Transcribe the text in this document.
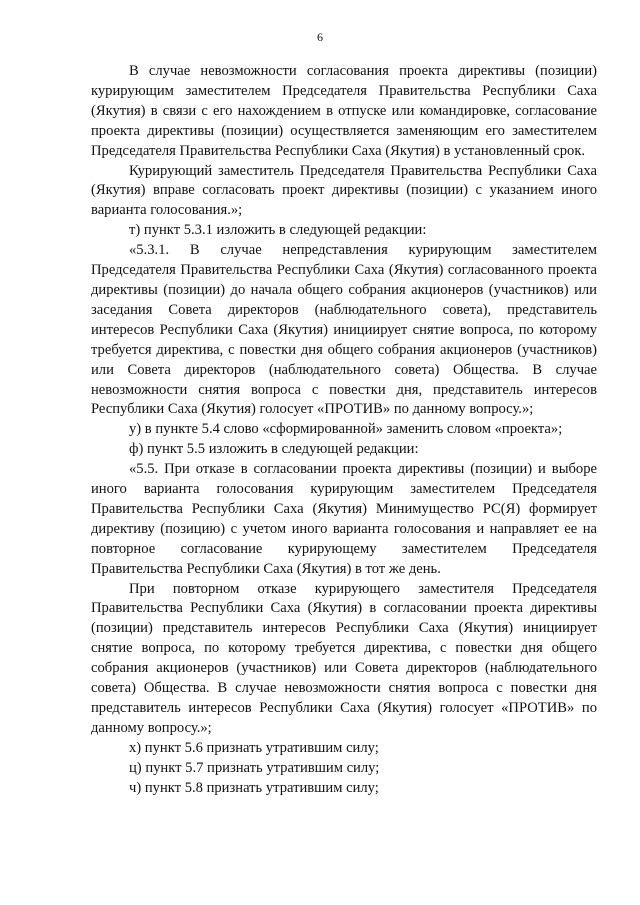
6

В случае невозможности согласования проекта директивы (позиции) курирующим заместителем Председателя Правительства Республики Саха (Якутия) в связи с его нахождением в отпуске или командировке, согласование проекта директивы (позиции) осуществляется заменяющим его заместителем Председателя Правительства Республики Саха (Якутия) в установленный срок.

Курирующий заместитель Председателя Правительства Республики Саха (Якутия) вправе согласовать проект директивы (позиции) с указанием иного варианта голосования.»;

т) пункт 5.3.1 изложить в следующей редакции:

«5.3.1. В случае непредставления курирующим заместителем Председателя Правительства Республики Саха (Якутия) согласованного проекта директивы (позиции) до начала общего собрания акционеров (участников) или заседания Совета директоров (наблюдательного совета), представитель интересов Республики Саха (Якутия) инициирует снятие вопроса, по которому требуется директива, с повестки дня общего собрания акционеров (участников) или Совета директоров (наблюдательного совета) Общества. В случае невозможности снятия вопроса с повестки дня, представитель интересов Республики Саха (Якутия) голосует «ПРОТИВ» по данному вопросу.»;

у) в пункте 5.4 слово «сформированной» заменить словом «проекта»;

ф) пункт 5.5 изложить в следующей редакции:

«5.5. При отказе в согласовании проекта директивы (позиции) и выборе иного варианта голосования курирующим заместителем Председателя Правительства Республики Саха (Якутия) Минимущество РС(Я) формирует директиву (позицию) с учетом иного варианта голосования и направляет ее на повторное согласование курирующему заместителем Председателя Правительства Республики Саха (Якутия) в тот же день.

При повторном отказе курирующего заместителя Председателя Правительства Республики Саха (Якутия) в согласовании проекта директивы (позиции) представитель интересов Республики Саха (Якутия) инициирует снятие вопроса, по которому требуется директива, с повестки дня общего собрания акционеров (участников) или Совета директоров (наблюдательного совета) Общества. В случае невозможности снятия вопроса с повестки дня представитель интересов Республики Саха (Якутия) голосует «ПРОТИВ» по данному вопросу.»;

х) пункт 5.6 признать утратившим силу;

ц) пункт 5.7 признать утратившим силу;

ч) пункт 5.8 признать утратившим силу;
